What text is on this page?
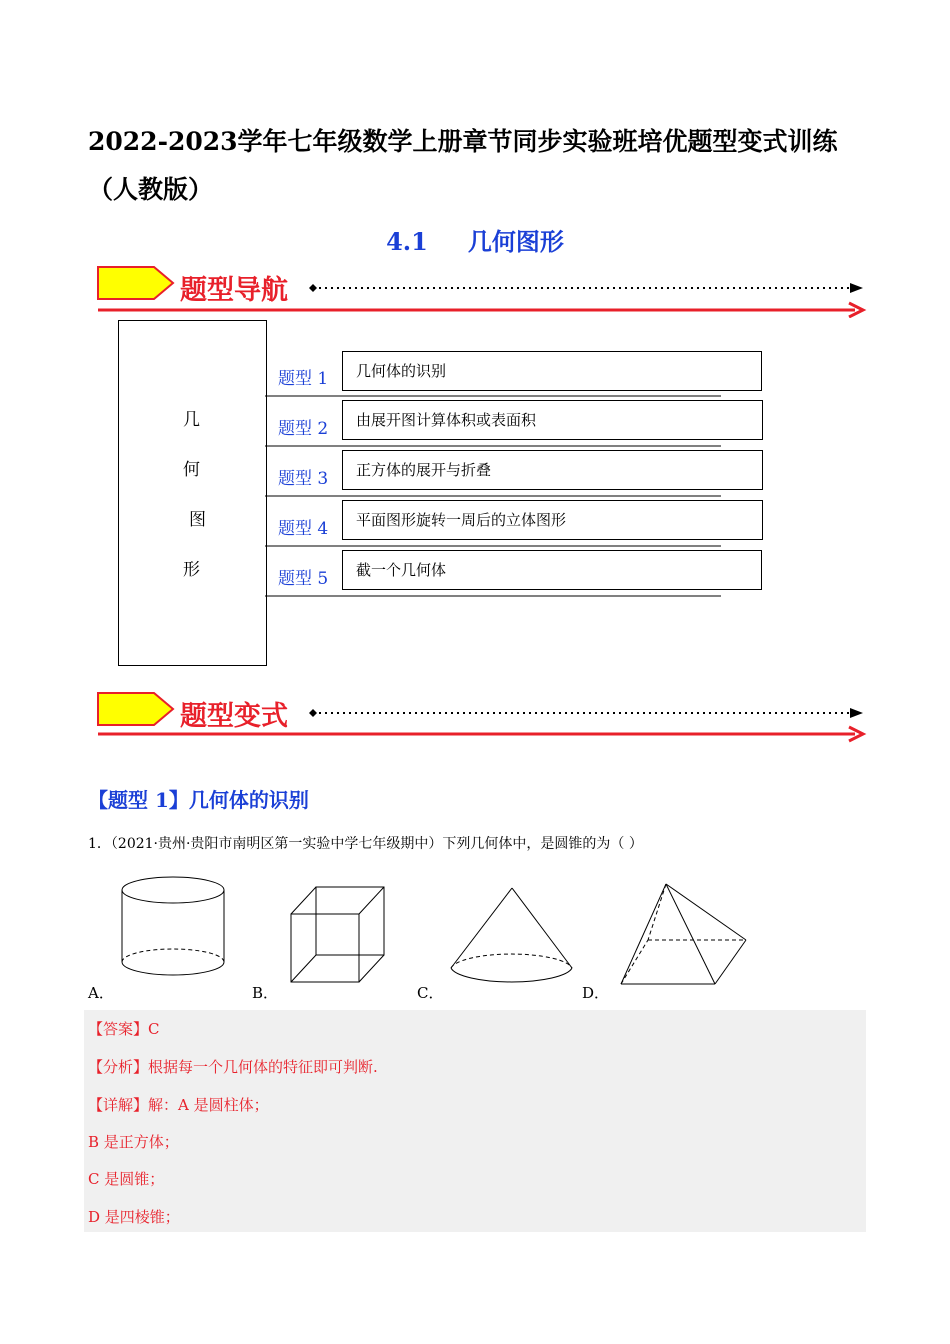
2022-2023学年七年级数学上册章节同步实验班培优题型变式训练（人教版）
4.1 几何图形
题型导航
几
何
图
形
题型 1	几何体的识别
题型 2	由展开图计算体积或表面积
题型 3	正方体的展开与折叠
题型 4	平面图形旋转一周后的立体图形
题型 5	截一个几何体
题型变式
【题型 1】几何体的识别
1．（2021·贵州·贵阳市南明区第一实验中学七年级期中）下列几何体中，是圆锥的为（ ）
A．	B．	C．	D．
【答案】C
【分析】根据每一个几何体的特征即可判断.
【详解】解：A 是圆柱体；
B 是正方体；
C 是圆锥；
D 是四棱锥；
